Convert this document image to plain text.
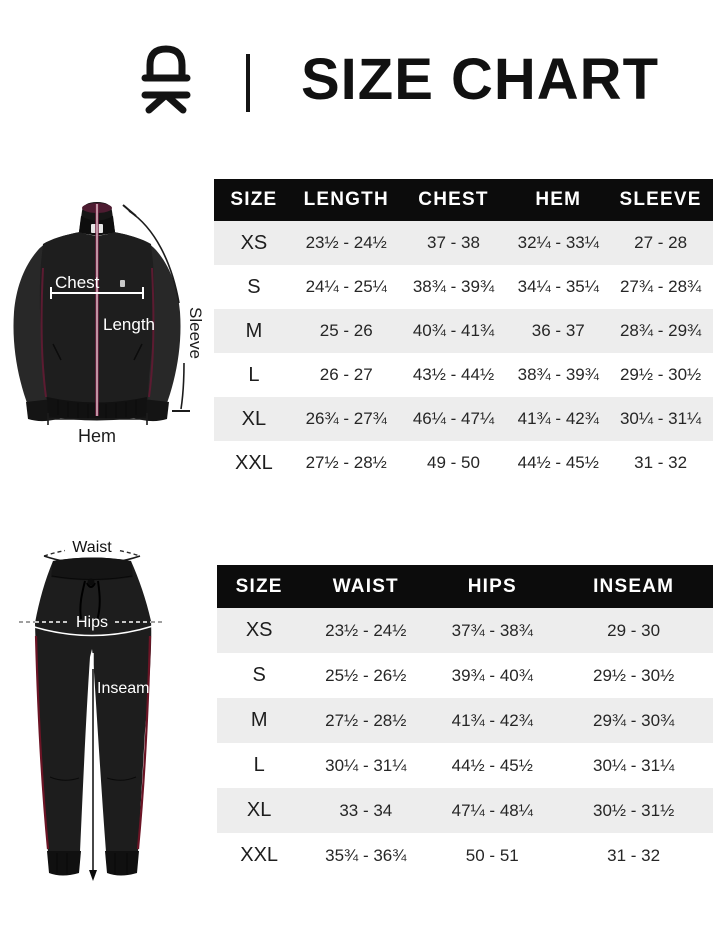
SIZE CHART
Chest
Length Sleeve
Hem
SIZE	LENGTH	CHEST	HEM	SLEEVE
XS	23½ - 24½	37 - 38	32¼ - 33¼	27 - 28
S	24¼ - 25¼	38¾ - 39¾	34¼ - 35¼	27¾ - 28¾
M	25 - 26	40¾ - 41¾	36 - 37	28¾ - 29¾
L	26 - 27	43½ - 44½	38¾ - 39¾	29½ - 30½
XL	26¾ - 27¾	46¼ - 47¼	41¾ - 42¾	30¼ - 31¼
XXL	27½ - 28½	49 - 50	44½ - 45½	31 - 32
Waist
Hips
Inseam
SIZE	WAIST	HIPS	INSEAM
XS	23½ - 24½	37¾ - 38¾	29 - 30
S	25½ - 26½	39¾ - 40¾	29½ - 30½
M	27½ - 28½	41¾ - 42¾	29¾ - 30¾
L	30¼ - 31¼	44½ - 45½	30¼ - 31¼
XL	33 - 34	47¼ - 48¼	30½ - 31½
XXL	35¾ - 36¾	50 - 51	31 - 32
